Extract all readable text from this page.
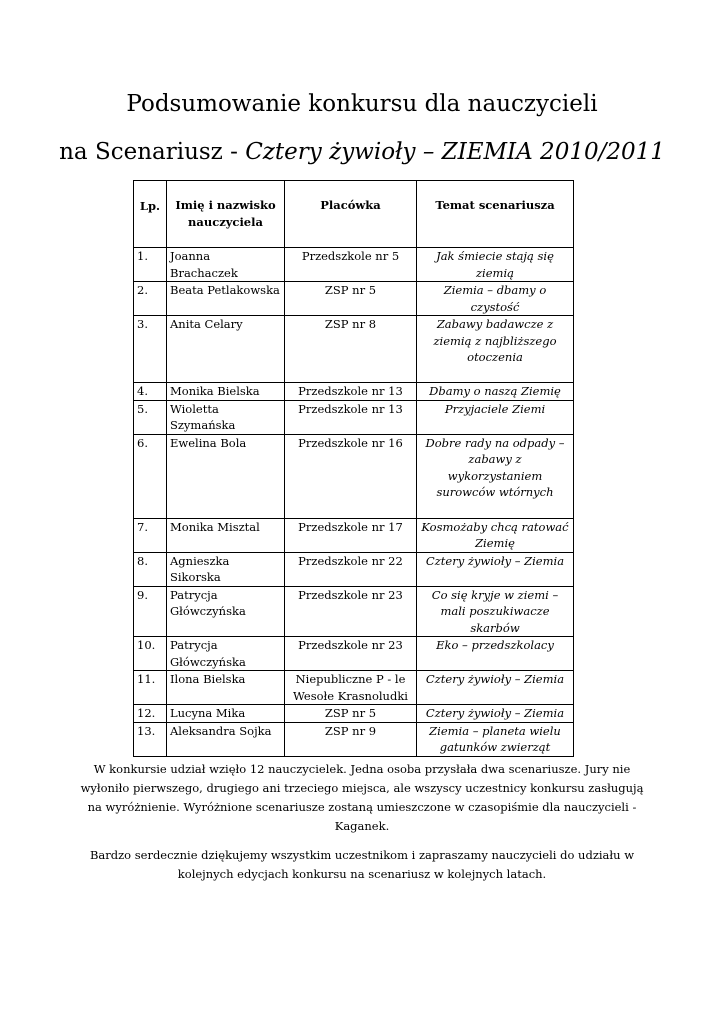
Podsumowanie konkursu dla nauczycieli
na Scenariusz - Cztery żywioły – ZIEMIA 2010/2011
Lp.	Imię i nazwisko nauczyciela	Placówka	Temat scenariusza
1.	Joanna Brachaczek	Przedszkole nr 5	Jak śmiecie stają się ziemią
2.	Beata Petlakowska	ZSP nr 5	Ziemia – dbamy o czystość
3.	Anita Celary	ZSP nr 8	Zabawy badawcze z ziemią z najbliższego otoczenia
4.	Monika Bielska	Przedszkole nr 13	Dbamy o naszą Ziemię
5.	Wioletta Szymańska	Przedszkole nr 13	Przyjaciele Ziemi
6.	Ewelina Bola	Przedszkole nr 16	Dobre rady na odpady – zabawy z wykorzystaniem surowców wtórnych
7.	Monika Misztal	Przedszkole nr 17	Kosmożaby chcą ratować Ziemię
8.	Agnieszka Sikorska	Przedszkole nr 22	Cztery żywioły – Ziemia
9.	Patrycja Główczyńska	Przedszkole nr 23	Co się kryje w ziemi – mali poszukiwacze skarbów
10.	Patrycja Główczyńska	Przedszkole nr 23	Eko – przedszkolacy
11.	Ilona Bielska	Niepubliczne P - le Wesołe Krasnoludki	Cztery żywioły – Ziemia
12.	Lucyna Mika	ZSP nr 5	Cztery żywioły – Ziemia
13.	Aleksandra Sojka	ZSP nr 9	Ziemia – planeta wielu gatunków zwierząt
W konkursie udział wzięło 12 nauczycielek. Jedna osoba przysłała dwa scenariusze. Jury nie wyłoniło pierwszego, drugiego ani trzeciego miejsca, ale wszyscy uczestnicy konkursu zasługują na wyróżnienie. Wyróżnione scenariusze zostaną umieszczone w czasopiśmie dla nauczycieli - Kaganek.
Bardzo serdecznie dziękujemy wszystkim uczestnikom i zapraszamy nauczycieli do udziału w kolejnych edycjach konkursu na scenariusz w kolejnych latach.
